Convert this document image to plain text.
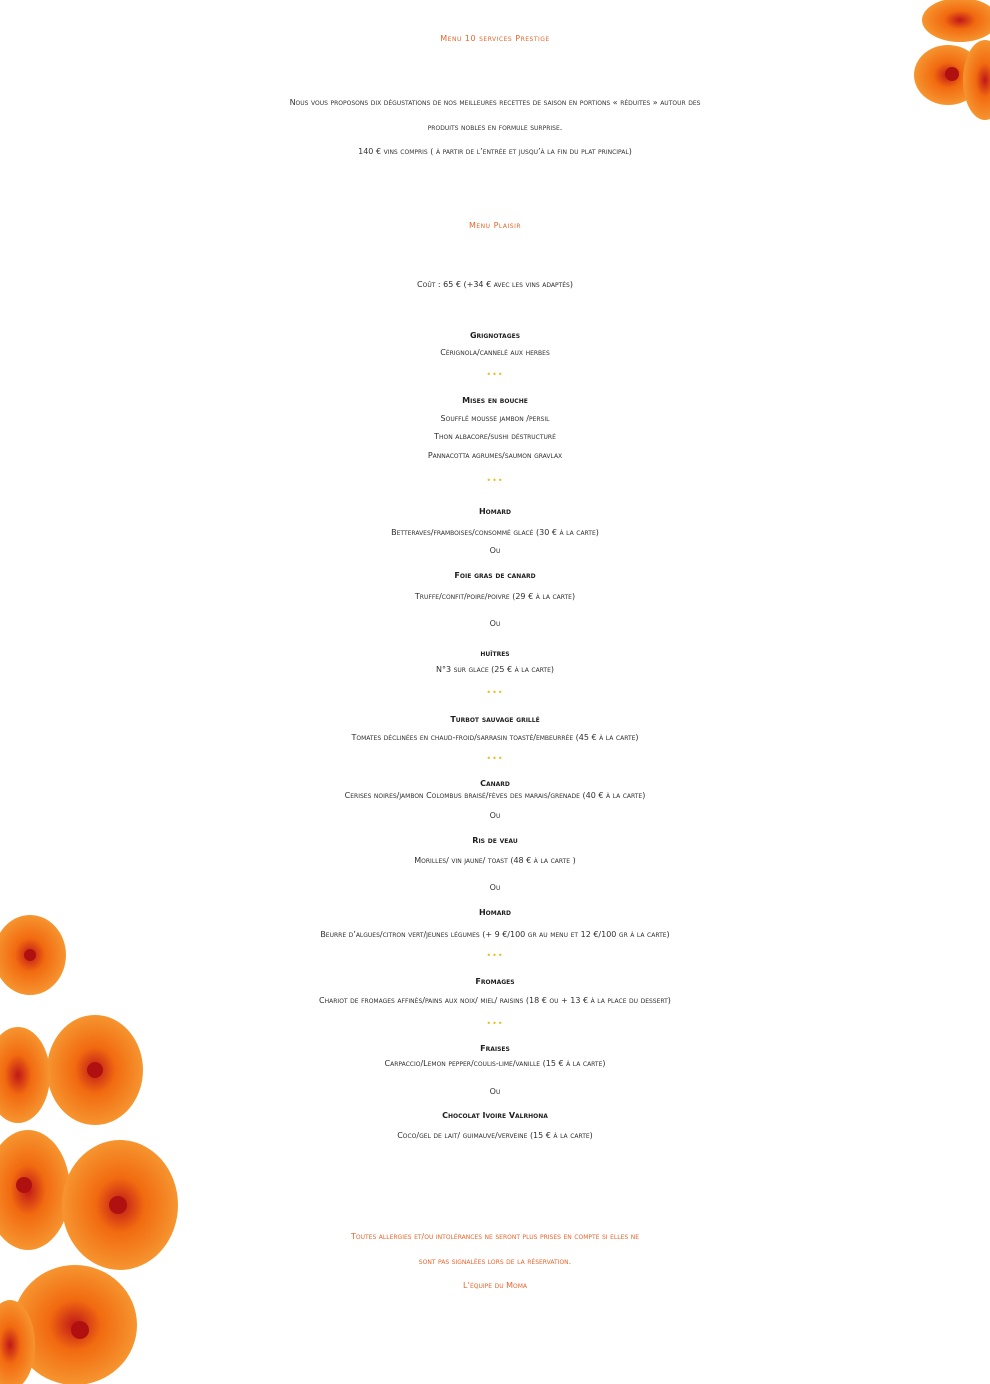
Menu 10 services Prestige
Nous vous proposons dix dégustations de nos meilleures recettes de saison en portions « réduites » autour des
produits nobles en formule surprise.
140 € vins compris ( à partir de l’entrée et jusqu’à la fin du plat principal)
Menu Plaisir
Coût : 65 € (+34 € avec les vins adaptés)
Grignotages
Cérignola/cannelé aux herbes
•••
Mises en bouche
Soufflé mousse jambon /persil
Thon albacore/sushi déstructuré
Pannacotta agrumes/saumon gravlax
•••
Homard
Betteraves/framboises/consommé glacé (30 € à la carte)
Ou
Foie gras de canard
Truffe/confit/poire/poivre (29 € à la carte)
Ou
huîtres
N°3 sur glace (25 € à la carte)
•••
Turbot sauvage grillé
Tomates déclinées en chaud-froid/sarrasin toasté/embeurrée (45 € à la carte)
•••
Canard
Cerises noires/jambon Colombus braisé/fèves des marais/grenade (40 € à la carte)
Ou
Ris de veau
Morilles/ vin jaune/ toast (48 € à la carte )
Ou
Homard
Beurre d’algues/citron vert/jeunes légumes (+ 9 €/100 gr au menu et 12 €/100 gr à la carte)
•••
Fromages
Chariot de fromages affinés/pains aux noix/ miel/ raisins (18 € ou + 13 € à la place du dessert)
•••
Fraises
Carpaccio/Lemon pepper/coulis-lime/vanille (15 € à la carte)
Ou
Chocolat Ivoire Valrhona
Coco/gel de lait/ guimauve/verveine (15 € à la carte)
Toutes allergies et/ou intolérances ne seront plus prises en compte si elles ne
sont pas signalées lors de la réservation.
L’équipe du Moma
